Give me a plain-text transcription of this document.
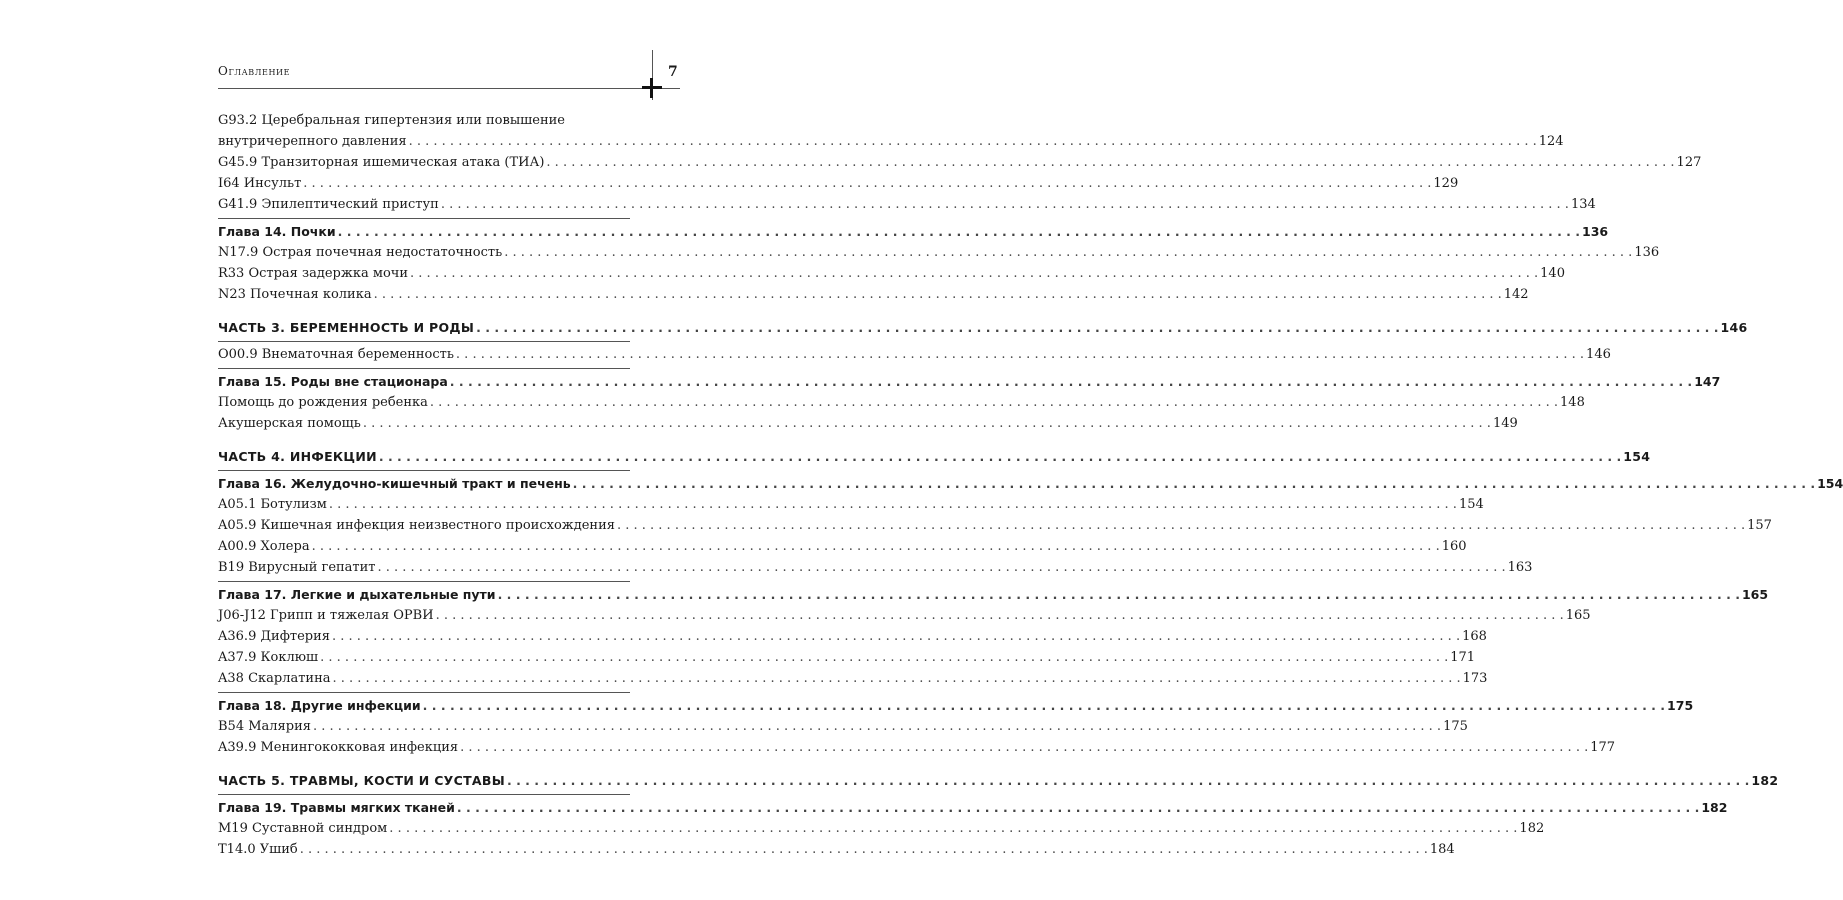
Оглавление	7
G93.2 Церебральная гипертензия или повышение
внутричерепного давления . . .	124
G45.9 Транзиторная ишемическая атака (ТИА) . . .	127
I64 Инсульт . . .	129
G41.9 Эпилептический приступ . . .	134
Глава 14. Почки . . .	136
N17.9 Острая почечная недостаточность . . .	136
R33 Острая задержка мочи . . .	140
N23 Почечная колика . . .	142
ЧАСТЬ 3. БЕРЕМЕННОСТЬ И РОДЫ . . .	146
O00.9 Внематочная беременность . . .	146
Глава 15. Роды вне стационара . . .	147
Помощь до рождения ребенка . . .	148
Акушерская помощь . . .	149
ЧАСТЬ 4. ИНФЕКЦИИ . . .	154
Глава 16. Желудочно-кишечный тракт и печень . . .	154
A05.1 Ботулизм . . .	154
A05.9 Кишечная инфекция неизвестного происхождения . . .	157
A00.9 Холера . . .	160
B19 Вирусный гепатит . . .	163
Глава 17. Легкие и дыхательные пути . . .	165
J06-J12 Грипп и тяжелая ОРВИ . . .	165
A36.9 Дифтерия . . .	168
A37.9 Коклюш . . .	171
A38 Скарлатина . . .	173
Глава 18. Другие инфекции . . .	175
B54 Малярия . . .	175
A39.9 Менингококковая инфекция . . .	177
ЧАСТЬ 5. ТРАВМЫ, КОСТИ И СУСТАВЫ . . .	182
Глава 19. Травмы мягких тканей . . .	182
M19 Суставной синдром . . .	182
T14.0 Ушиб . . .	184
